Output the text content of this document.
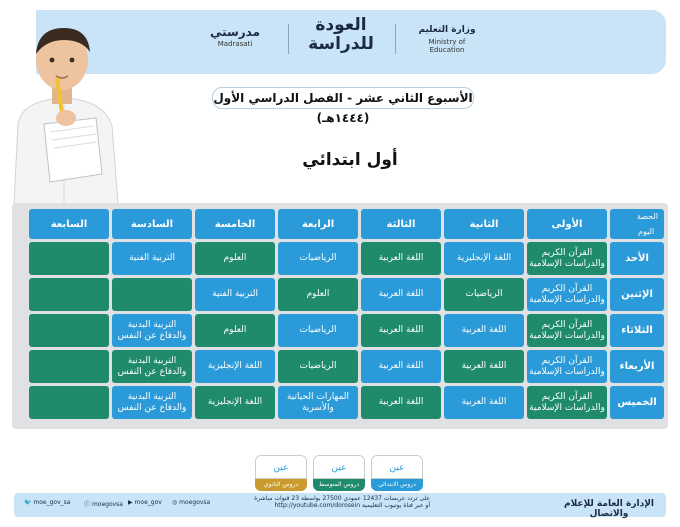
وزارة التعليم
Ministry of Education
العودة
للدراسة
مدرستي
Madrasati
الأسبوع الثاني عشر - الفصل الدراسي الأول (١٤٤٤هـ)
أول ابتدائي
الحصة
اليوم
الأولى
الثانية
الثالثة
الرابعة
الخامسة
السادسة
السابعة
الأحد
القرآن الكريم والدراسات الإسلامية
اللغة الإنجليزية
اللغة العربية
الرياضيات
العلوم
التربية الفنية
الإثنين
القرآن الكريم والدراسات الإسلامية
الرياضيات
اللغة العربية
العلوم
التربية الفنية
الثلاثاء
القرآن الكريم والدراسات الإسلامية
اللغة العربية
اللغة العربية
الرياضيات
العلوم
التربية البدنية والدفاع عن النفس
الأربعاء
القرآن الكريم والدراسات الإسلامية
اللغة العربية
اللغة العربية
الرياضيات
اللغة الإنجليزية
التربية البدنية والدفاع عن النفس
الخميس
القرآن الكريم والدراسات الإسلامية
اللغة العربية
اللغة العربية
المهارات الحياتية والأسرية
اللغة الإنجليزية
التربية البدنية والدفاع عن النفس
عين
دروس الثانوي
عين
دروس المتوسط
عين
دروس الابتدائي
🐦 moe_gov_sa ⓕ moegovsa ▶ moe_gov ◎ moegovsa
على تردد عربسات 12437 عمودي 27500 بواسطة 23 قنوات مباشرة
أو عبر قناة يوتيوب التعليمية http://youtube.com/dorosein	الإدارة العامة للإعلام والاتصال
